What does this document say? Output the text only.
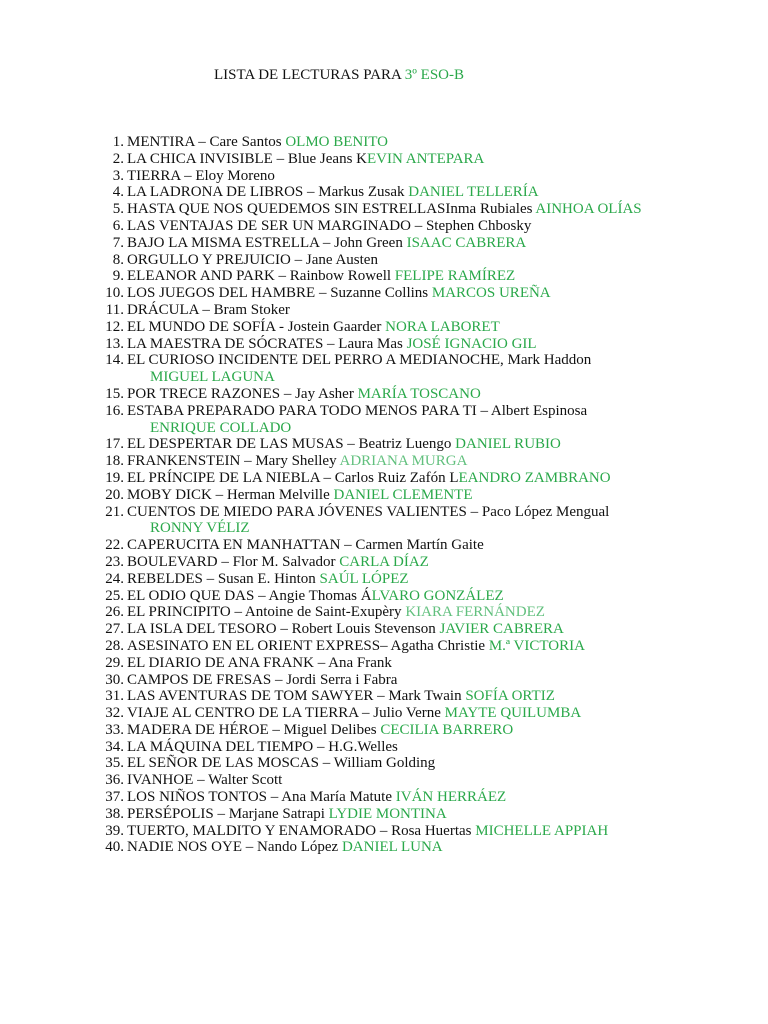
LISTA DE LECTURAS PARA 3º ESO-B
1. MENTIRA – Care Santos OLMO BENITO
2. LA CHICA INVISIBLE – Blue Jeans KEVIN ANTEPARA
3. TIERRA – Eloy Moreno
4. LA LADRONA DE LIBROS – Markus Zusak DANIEL TELLERÍA
5. HASTA QUE NOS QUEDEMOS SIN ESTRELLASInma Rubiales AINHOA OLÍAS
6. LAS VENTAJAS DE SER UN MARGINADO – Stephen Chbosky
7. BAJO LA MISMA ESTRELLA – John Green ISAAC CABRERA
8. ORGULLO Y PREJUICIO – Jane Austen
9. ELEANOR AND PARK – Rainbow Rowell FELIPE RAMÍREZ
10. LOS JUEGOS DEL HAMBRE – Suzanne Collins MARCOS UREÑA
11. DRÁCULA – Bram Stoker
12. EL MUNDO DE SOFÍA - Jostein Gaarder NORA LABORET
13. LA MAESTRA DE SÓCRATES – Laura Mas JOSÉ IGNACIO GIL
14. EL CURIOSO INCIDENTE DEL PERRO A MEDIANOCHE, Mark Haddon
MIGUEL LAGUNA
15. POR TRECE RAZONES – Jay Asher MARÍA TOSCANO
16. ESTABA PREPARADO PARA TODO MENOS PARA TI – Albert Espinosa
ENRIQUE COLLADO
17. EL DESPERTAR DE LAS MUSAS – Beatriz Luengo DANIEL RUBIO
18. FRANKENSTEIN – Mary Shelley ADRIANA MURGA
19. EL PRÍNCIPE DE LA NIEBLA – Carlos Ruiz Zafón LEANDRO ZAMBRANO
20. MOBY DICK – Herman Melville DANIEL CLEMENTE
21. CUENTOS DE MIEDO PARA JÓVENES VALIENTES – Paco López Mengual
RONNY VÉLIZ
22. CAPERUCITA EN MANHATTAN – Carmen Martín Gaite
23. BOULEVARD – Flor M. Salvador CARLA DÍAZ
24. REBELDES – Susan E. Hinton SAÚL LÓPEZ
25. EL ODIO QUE DAS – Angie Thomas ÁLVARO GONZÁLEZ
26. EL PRINCIPITO – Antoine de Saint-Exupèry KIARA FERNÁNDEZ
27. LA ISLA DEL TESORO – Robert Louis Stevenson JAVIER CABRERA
28. ASESINATO EN EL ORIENT EXPRESS– Agatha Christie M.ª VICTORIA
29. EL DIARIO DE ANA FRANK – Ana Frank
30. CAMPOS DE FRESAS – Jordi Serra i Fabra
31. LAS AVENTURAS DE TOM SAWYER – Mark Twain SOFÍA ORTIZ
32. VIAJE AL CENTRO DE LA TIERRA – Julio Verne MAYTE QUILUMBA
33. MADERA DE HÉROE – Miguel Delibes CECILIA BARRERO
34. LA MÁQUINA DEL TIEMPO – H.G.Welles
35. EL SEÑOR DE LAS MOSCAS – William Golding
36. IVANHOE – Walter Scott
37. LOS NIÑOS TONTOS – Ana María Matute IVÁN HERRÁEZ
38. PERSÉPOLIS – Marjane Satrapi LYDIE MONTINA
39. TUERTO, MALDITO Y ENAMORADO – Rosa Huertas MICHELLE APPIAH
40. NADIE NOS OYE – Nando López DANIEL LUNA
